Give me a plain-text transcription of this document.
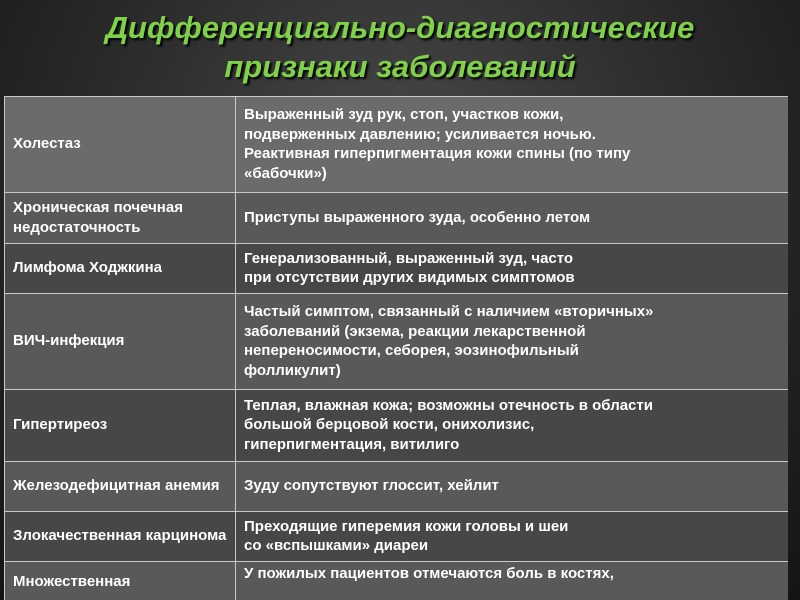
Дифференциально-диагностические
признаки заболеваний
Холестаз	Выраженный зуд рук, стоп, участков кожи,
подверженных давлению; усиливается ночью.
Реактивная гиперпигментация кожи спины (по типу
«бабочки»)
Хроническая почечная недостаточность	Приступы выраженного зуда, особенно летом
Лимфома Ходжкина	Генерализованный, выраженный зуд, часто
при отсутствии других видимых симптомов
ВИЧ-инфекция	Частый симптом, связанный с наличием «вторичных»
заболеваний (экзема, реакции лекарственной
непереносимости, себорея, эозинофильный
фолликулит)
Гипертиреоз	Теплая, влажная кожа; возможны отечность в области
большой берцовой кости, онихолизис,
гиперпигментация, витилиго
Железодефицитная анемия	Зуду сопутствуют глоссит, хейлит
Злокачественная карцинома	Преходящие гиперемия кожи головы и шеи
со «вспышками» диареи
Множественная	У пожилых пациентов отмечаются боль в костях,
